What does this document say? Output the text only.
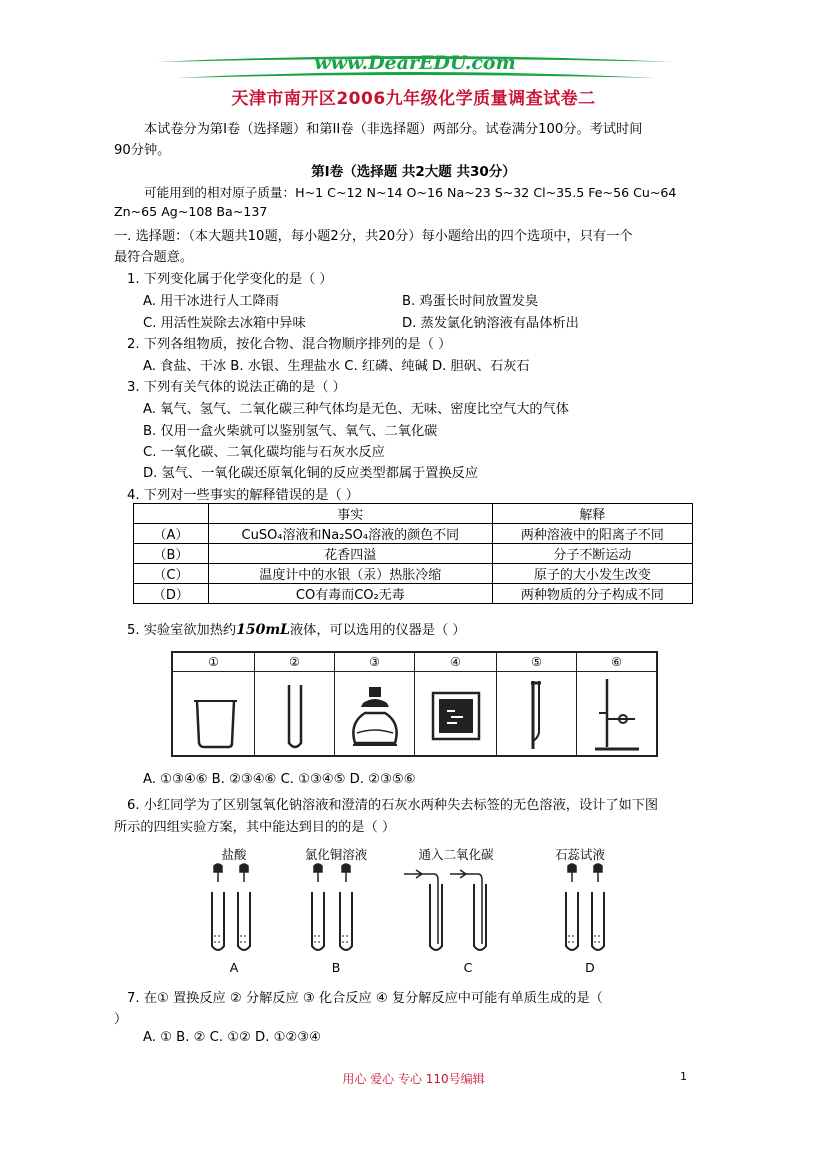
www.DearEDU.com
天津市南开区2006九年级化学质量调查试卷二
本试卷分为第Ⅰ卷（选择题）和第II卷（非选择题）两部分。试卷满分100分。考试时间
90分钟。
第Ⅰ卷（选择题 共2大题 共30分）
可能用到的相对原子质量：H~1 C~12 N~14 O~16 Na~23 S~32 Cl~35.5 Fe~56 Cu~64
Zn~65 Ag~108 Ba~137
一. 选择题：（本大题共10题，每小题2分，共20分）每小题给出的四个选项中，只有一个
最符合题意。
1. 下列变化属于化学变化的是（ ）
A. 用干冰进行人工降雨	B. 鸡蛋长时间放置发臭
C. 用活性炭除去冰箱中异味	D. 蒸发氯化钠溶液有晶体析出
2. 下列各组物质，按化合物、混合物顺序排列的是（ ）
A. 食盐、干冰 B. 水银、生理盐水 C. 红磷、纯碱 D. 胆矾、石灰石
3. 下列有关气体的说法正确的是（ ）
A. 氧气、氢气、二氧化碳三种气体均是无色、无味、密度比空气大的气体
B. 仅用一盒火柴就可以鉴别氢气、氧气、二氧化碳
C. 一氧化碳、二氧化碳均能与石灰水反应
D. 氢气、一氧化碳还原氧化铜的反应类型都属于置换反应
4. 下列对一些事实的解释错误的是（ ）
	事实	解释
（A）	CuSO₄溶液和Na₂SO₄溶液的颜色不同	两种溶液中的阳离子不同
（B）	花香四溢	分子不断运动
（C）	温度计中的水银（汞）热胀冷缩	原子的大小发生改变
（D）	CO有毒而CO₂无毒	两种物质的分子构成不同
5. 实验室欲加热约150mL液体，可以选用的仪器是（ ）
①	②	③	④	⑤	⑥
A. ①③④⑥ B. ②③④⑥ C. ①③④⑤ D. ②③⑤⑥
6. 小红同学为了区别氢氧化钠溶液和澄清的石灰水两种失去标签的无色溶液，设计了如下图
所示的四组实验方案，其中能达到目的的是（ ）
盐酸	氯化铜溶液	通入二氧化碳	石蕊试液
A	B	C	D
7. 在① 置换反应 ② 分解反应 ③ 化合反应 ④ 复分解反应中可能有单质生成的是（
）
A. ① B. ② C. ①② D. ①②③④
用心 爱心 专心 110号编辑	1
